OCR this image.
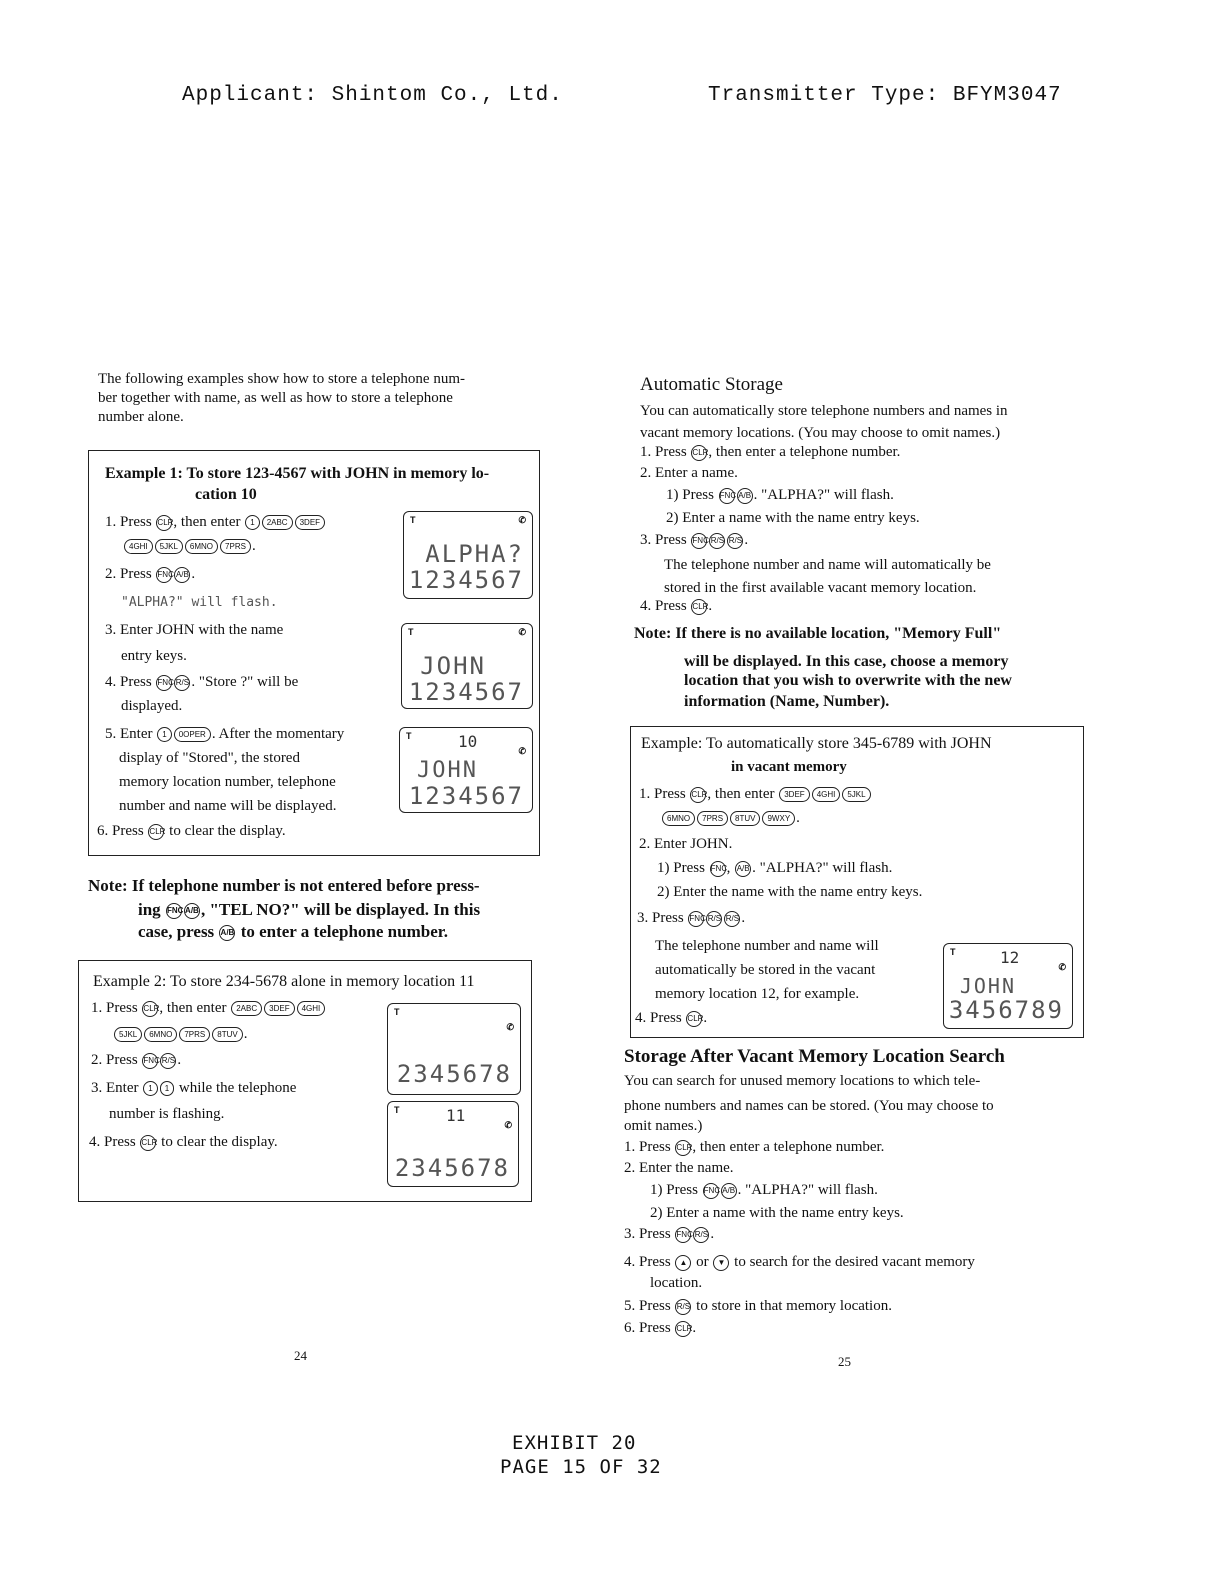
Applicant: Shintom Co., Ltd.	Transmitter Type: BFYM3047
The following examples show how to store a telephone num-
ber together with name, as well as how to store a telephone
number alone.
Example 1: To store 123-4567 with JOHN in memory lo-
cation 10
1. Press CLR, then enter 1 2ABC 3DEF
4GHI 5JKL 6MNO 7PRS .
2. Press FNC A/B .
"ALPHA?" will flash.
3. Enter JOHN with the name
entry keys.
4. Press FNC R/S . "Store ?" will be
displayed.
5. Enter 1 0OPER . After the momentary
display of "Stored", the stored
memory location number, telephone
number and name will be displayed.
6. Press CLR to clear the display.
T	✆
ALPHA?
1234567
T	✆
JOHN
1234567
T	10	✆
JOHN
1234567
Note: If telephone number is not entered before press-
ing FNC A/B , "TEL NO?" will be displayed. In this
case, press A/B to enter a telephone number.
Example 2: To store 234-5678 alone in memory location 11
1. Press CLR, then enter 2ABC 3DEF 4GHI
5JKL 6MNO 7PRS 8TUV .
2. Press FNC R/S .
3. Enter 1 1 while the telephone
number is flashing.
4. Press CLR to clear the display.
T
✆
2345678
T	11	✆
2345678
24
Automatic Storage
You can automatically store telephone numbers and names in
vacant memory locations. (You may choose to omit names.)
1. Press CLR, then enter a telephone number.
2. Enter a name.
1) Press FNC A/B . "ALPHA?" will flash.
2) Enter a name with the name entry keys.
3. Press FNC R/S R/S .
The telephone number and name will automatically be
stored in the first available vacant memory location.
4. Press CLR.
Note: If there is no available location, "Memory Full"
will be displayed. In this case, choose a memory
location that you wish to overwrite with the new
information (Name, Number).
Example: To automatically store 345-6789 with JOHN
in vacant memory
1. Press CLR, then enter 3DEF 4GHI 5JKL
6MNO 7PRS 8TUV 9WXY .
2. Enter JOHN.
1) Press FNC, A/B . "ALPHA?" will flash.
2) Enter the name with the name entry keys.
3. Press FNC R/S R/S .
The telephone number and name will
automatically be stored in the vacant
memory location 12, for example.
4. Press CLR.
T	12	✆
JOHN
3456789
Storage After Vacant Memory Location Search
You can search for unused memory locations to which tele-
phone numbers and names can be stored. (You may choose to
omit names.)
1. Press CLR, then enter a telephone number.
2. Enter the name.
1) Press FNC A/B . "ALPHA?" will flash.
2) Enter a name with the name entry keys.
3. Press FNC R/S .
4. Press ▲ or ▼ to search for the desired vacant memory
location.
5. Press R/S to store in that memory location.
6. Press CLR.
25
EXHIBIT 20
PAGE 15 OF 32
